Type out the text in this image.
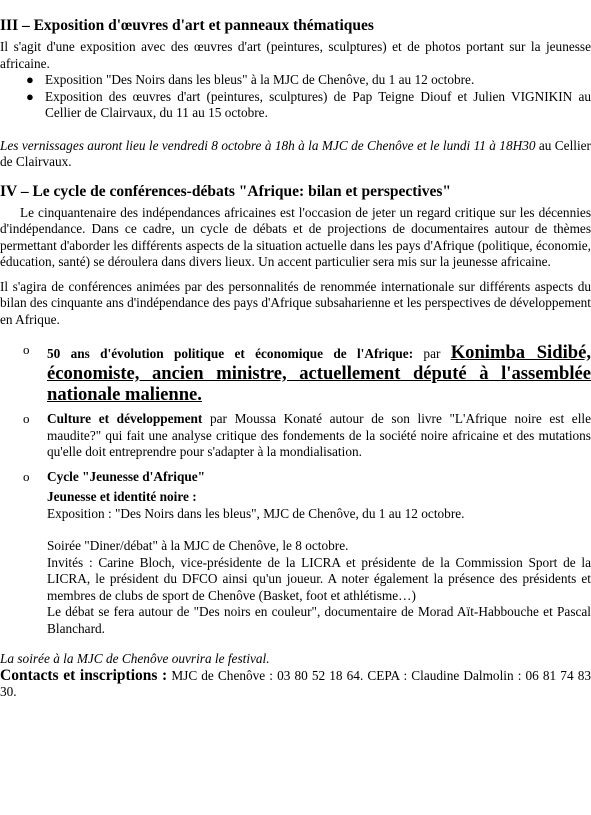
III – Exposition d'œuvres d'art et panneaux thématiques

Il s'agit d'une exposition avec des œuvres d'art (peintures, sculptures) et de photos portant sur la jeunesse africaine.

● Exposition "Des Noirs dans les bleus" à la MJC de Chenôve, du 1 au 12 octobre.
● Exposition des œuvres d'art (peintures, sculptures) de Pap Teigne Diouf et Julien VIGNIKIN au Cellier de Clairvaux, du 11 au 15 octobre.

Les vernissages auront lieu le vendredi 8 octobre à 18h à la MJC de Chenôve et le lundi 11 à 18H30 au Cellier de Clairvaux.

IV – Le cycle de conférences-débats "Afrique: bilan et perspectives"

Le cinquantenaire des indépendances africaines est l'occasion de jeter un regard critique sur les décennies d'indépendance. Dans ce cadre, un cycle de débats et de projections de documentaires autour de thèmes permettant d'aborder les différents aspects de la situation actuelle dans les pays d'Afrique (politique, économie, éducation, santé) se déroulera dans divers lieux. Un accent particulier sera mis sur la jeunesse africaine.

Il s'agira de conférences animées par des personnalités de renommée internationale sur différents aspects du bilan des cinquante ans d'indépendance des pays d'Afrique subsaharienne et les perspectives de développement en Afrique.

o 50 ans d'évolution politique et économique de l'Afrique: par Konimba Sidibé, économiste, ancien ministre, actuellement député à l'assemblée nationale malienne.
o Culture et développement par Moussa Konaté autour de son livre "L'Afrique noire est elle maudite?" qui fait une analyse critique des fondements de la société noire africaine et des mutations qu'elle doit entreprendre pour s'adapter à la mondialisation.
o Cycle "Jeunesse d'Afrique"
Jeunesse et identité noire :
Exposition : "Des Noirs dans les bleus", MJC de Chenôve, du 1 au 12 octobre.
Soirée "Diner/débat" à la MJC de Chenôve, le 8 octobre.
Invités : Carine Bloch, vice-présidente de la LICRA et présidente de la Commission Sport de la LICRA, le président du DFCO ainsi qu'un joueur. A noter également la présence des présidents et membres de clubs de sport de Chenôve (Basket, foot et athlétisme…)
Le débat se fera autour de "Des noirs en couleur", documentaire de Morad Aït-Habbouche et Pascal Blanchard.

La soirée à la MJC de Chenôve ouvrira le festival.

Contacts et inscriptions : MJC de Chenôve : 03 80 52 18 64. CEPA : Claudine Dalmolin : 06 81 74 83 30.
